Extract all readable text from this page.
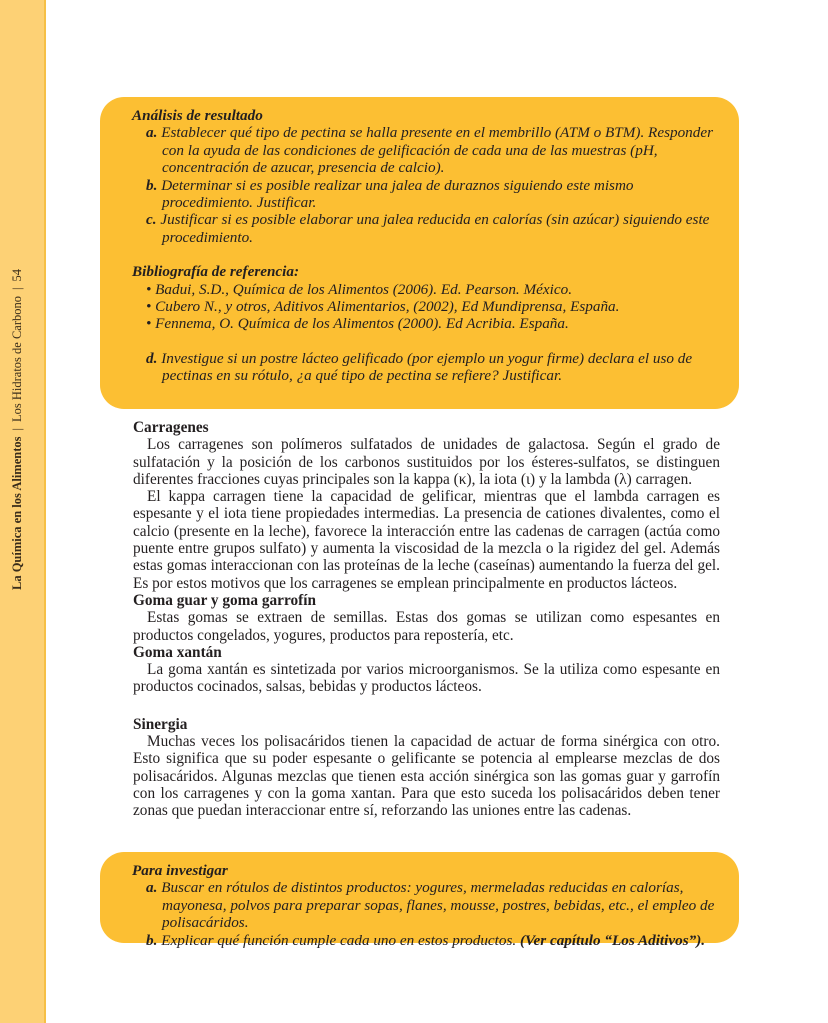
La Química en los Alimentos|Los Hidratos de Carbono|54
Análisis de resultado

a. Establecer qué tipo de pectina se halla presente en el membrillo (ATM o BTM). Responder con la ayuda de las condiciones de gelificación de cada una de las muestras (pH, concentración de azucar, presencia de calcio).

b. Determinar si es posible realizar una jalea de duraznos siguiendo este mismo procedimiento. Justificar.

c. Justificar si es posible elaborar una jalea reducida en calorías (sin azúcar) siguiendo este procedimiento.

Bibliografía de referencia:

• Badui, S.D., Química de los Alimentos (2006). Ed. Pearson. México.

• Cubero N., y otros, Aditivos Alimentarios, (2002), Ed Mundiprensa, España.

• Fennema, O. Química de los Alimentos (2000). Ed Acribia. España.

d. Investigue si un postre lácteo gelificado (por ejemplo un yogur firme) declara el uso de pectinas en su rótulo, ¿a qué tipo de pectina se refiere? Justificar.

Carragenes

Los carragenes son polímeros sulfatados de unidades de galactosa. Según el grado de sulfatación y la posición de los carbonos sustituidos por los ésteres-sulfatos, se distinguen diferentes fracciones cuyas principales son la kappa (κ), la iota (ι) y la lambda (λ) carragen.

El kappa carragen tiene la capacidad de gelificar, mientras que el lambda carragen es espesante y el iota tiene propiedades intermedias. La presencia de cationes divalentes, como el calcio (presente en la leche), favorece la interacción entre las cadenas de carragen (actúa como puente entre grupos sulfato) y aumenta la viscosidad de la mezcla o la rigidez del gel. Además estas gomas interaccionan con las proteínas de la leche (caseínas) aumentando la fuerza del gel. Es por estos motivos que los carragenes se emplean principalmente en productos lácteos.

Goma guar y goma garrofín

Estas gomas se extraen de semillas. Estas dos gomas se utilizan como espesantes en productos congelados, yogures, productos para repostería, etc.

Goma xantán

La goma xantán es sintetizada por varios microorganismos. Se la utiliza como espesante en productos cocinados, salsas, bebidas y productos lácteos.

Sinergia

Muchas veces los polisacáridos tienen la capacidad de actuar de forma sinérgica con otro. Esto significa que su poder espesante o gelificante se potencia al emplearse mezclas de dos polisacáridos. Algunas mezclas que tienen esta acción sinérgica son las gomas guar y garrofín con los carragenes y con la goma xantan. Para que esto suceda los polisacáridos deben tener zonas que puedan interaccionar entre sí, reforzando las uniones entre las cadenas.

Para investigar

a. Buscar en rótulos de distintos productos: yogures, mermeladas reducidas en calorías, mayonesa, polvos para preparar sopas, flanes, mousse, postres, bebidas, etc., el empleo de polisacáridos.

b. Explicar qué función cumple cada uno en estos productos. (Ver capítulo “Los Aditivos”).
